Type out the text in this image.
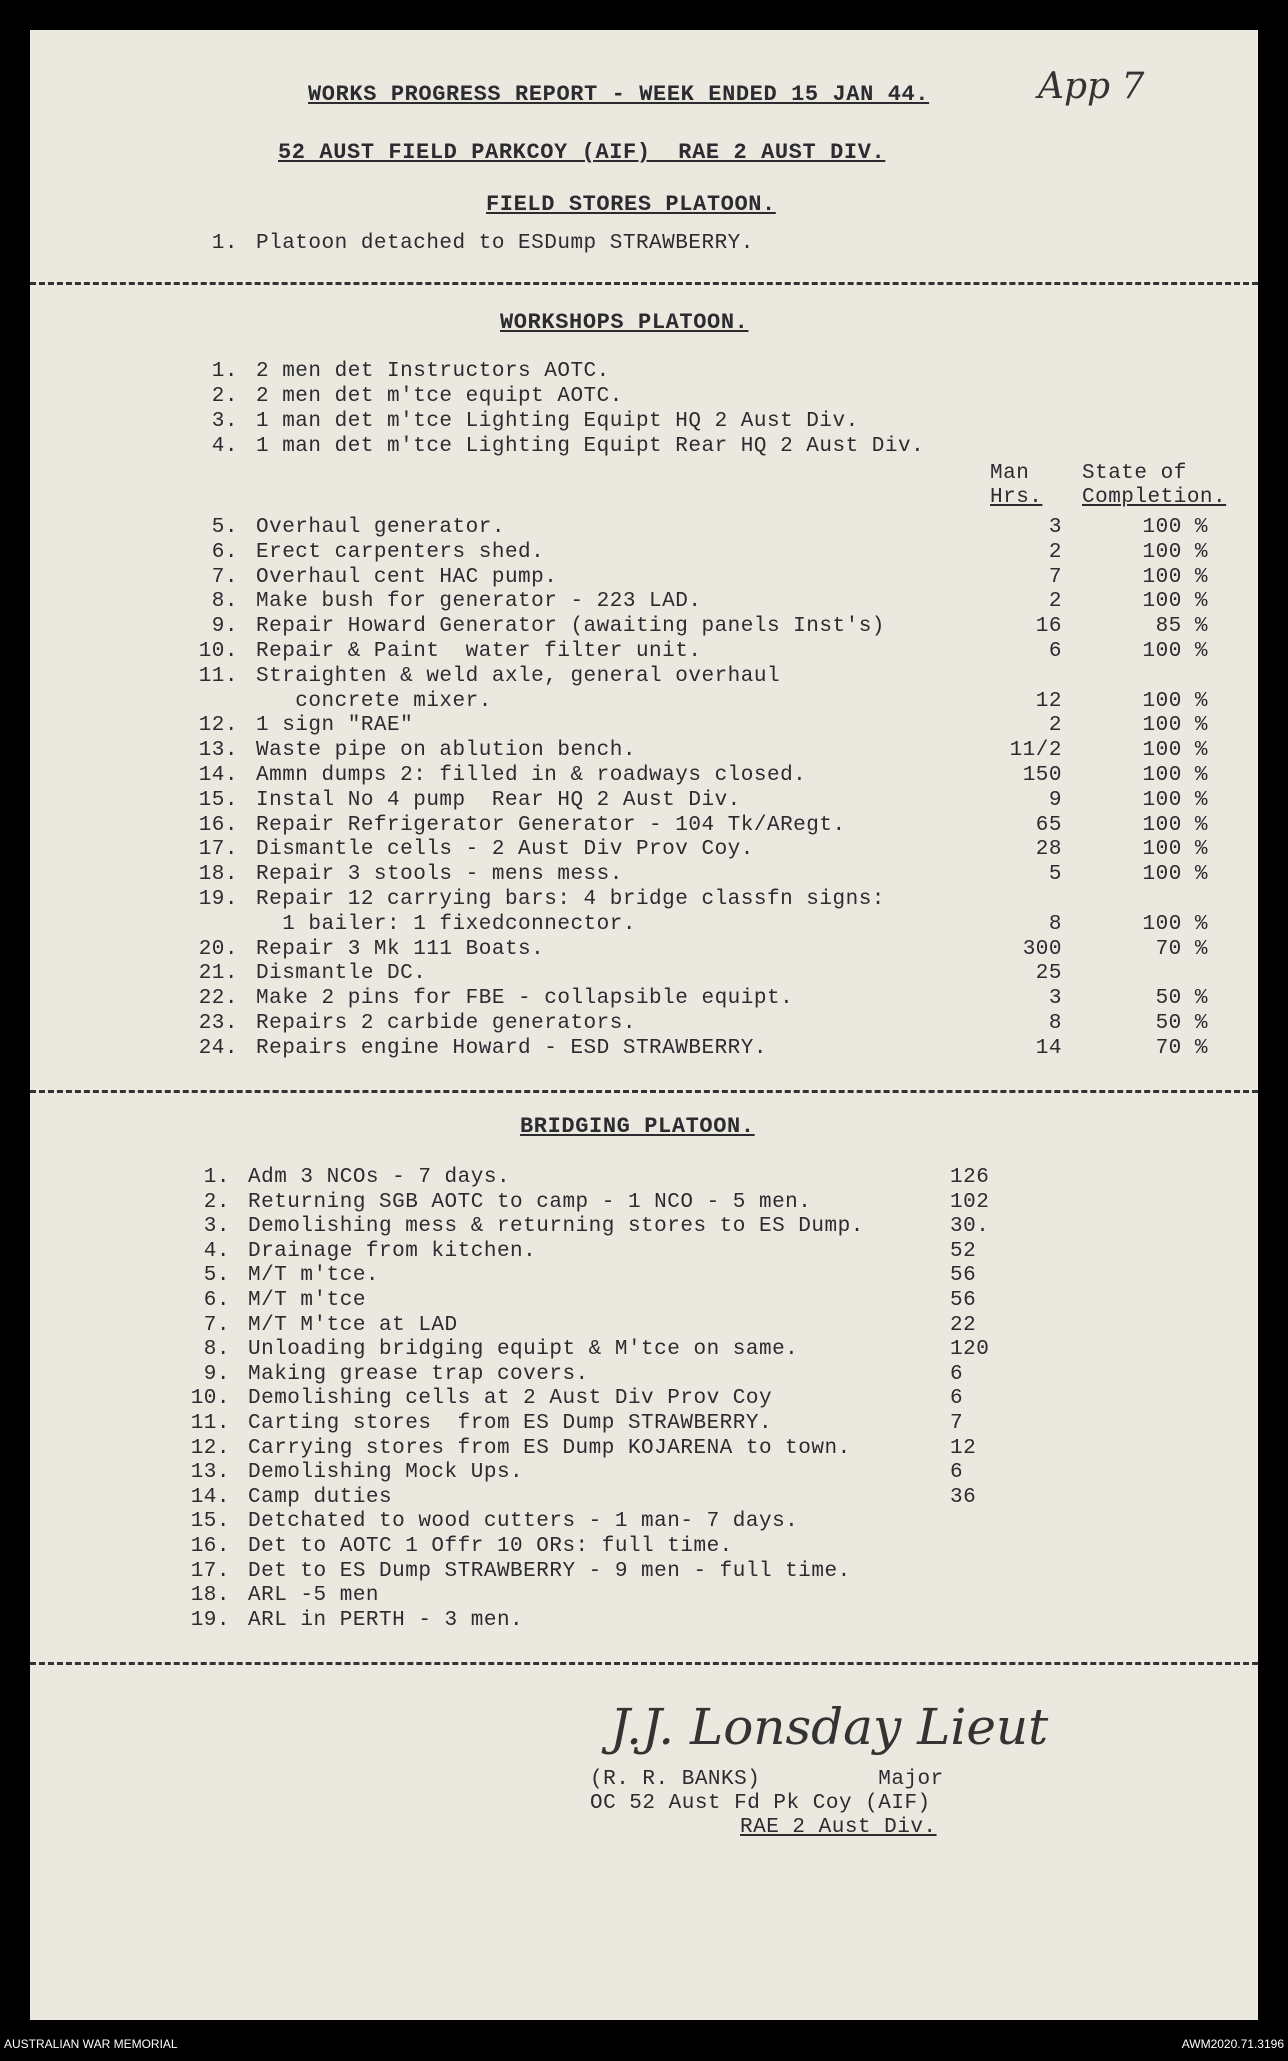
App 7
WORKS PROGRESS REPORT - WEEK ENDED 15 JAN 44.
52 AUST FIELD PARKCOY (AIF)  RAE 2 AUST DIV.
FIELD STORES PLATOON.
1. Platoon detached to ESDump STRAWBERRY.
WORKSHOPS PLATOON.
1. 2 men det Instructors AOTC.
2. 2 men det m'tce equipt AOTC.
3. 1 man det m'tce Lighting Equipt HQ 2 Aust Div.
4. 1 man det m'tce Lighting Equipt Rear HQ 2 Aust Div.
Man
Hrs.
State of
Completion.
5. Overhaul generator.	3	100 %
6. Erect carpenters shed.	2	100 %
7. Overhaul cent HAC pump.	7	100 %
8. Make bush for generator - 223 LAD.	2	100 %
9. Repair Howard Generator (awaiting panels Inst's)	16	85 %
10. Repair & Paint  water filter unit.	6	100 %
11. Straighten & weld axle, general overhaul
concrete mixer.	12	100 %
12. 1 sign "RAE"	2	100 %
13. Waste pipe on ablution bench.	11/2	100 %
14. Ammn dumps 2: filled in & roadways closed.	150	100 %
15. Instal No 4 pump  Rear HQ 2 Aust Div.	9	100 %
16. Repair Refrigerator Generator - 104 Tk/ARegt.	65	100 %
17. Dismantle cells - 2 Aust Div Prov Coy.	28	100 %
18. Repair 3 stools - mens mess.	5	100 %
19. Repair 12 carrying bars: 4 bridge classfn signs:
1 bailer: 1 fixedconnector.	8	100 %
20. Repair 3 Mk 111 Boats.	300	70 %
21. Dismantle DC.	25
22. Make 2 pins for FBE - collapsible equipt.	3	50 %
23. Repairs 2 carbide generators.	8	50 %
24. Repairs engine Howard - ESD STRAWBERRY.	14	70 %
BRIDGING PLATOON.
1. Adm 3 NCOs - 7 days.	126
2. Returning SGB AOTC to camp - 1 NCO - 5 men.	102
3. Demolishing mess & returning stores to ES Dump.	30.
4. Drainage from kitchen.	52
5. M/T m'tce.	56
6. M/T m'tce	56
7. M/T M'tce at LAD	22
8. Unloading bridging equipt & M'tce on same.	120
9. Making grease trap covers.	6
10. Demolishing cells at 2 Aust Div Prov Coy	6
11. Carting stores  from ES Dump STRAWBERRY.	7
12. Carrying stores from ES Dump KOJARENA to town.	12
13. Demolishing Mock Ups.	6
14. Camp duties	36
15. Detchated to wood cutters - 1 man- 7 days.
16. Det to AOTC 1 Offr 10 ORs: full time.
17. Det to ES Dump STRAWBERRY - 9 men - full time.
18. ARL -5 men
19. ARL in PERTH - 3 men.
J.J. Lonsday Lieut
(R. R. BANKS)         Major
OC 52 Aust Fd Pk Coy (AIF)
RAE 2 Aust Div.
AUSTRALIAN WAR MEMORIAL	AWM2020.71.3196
